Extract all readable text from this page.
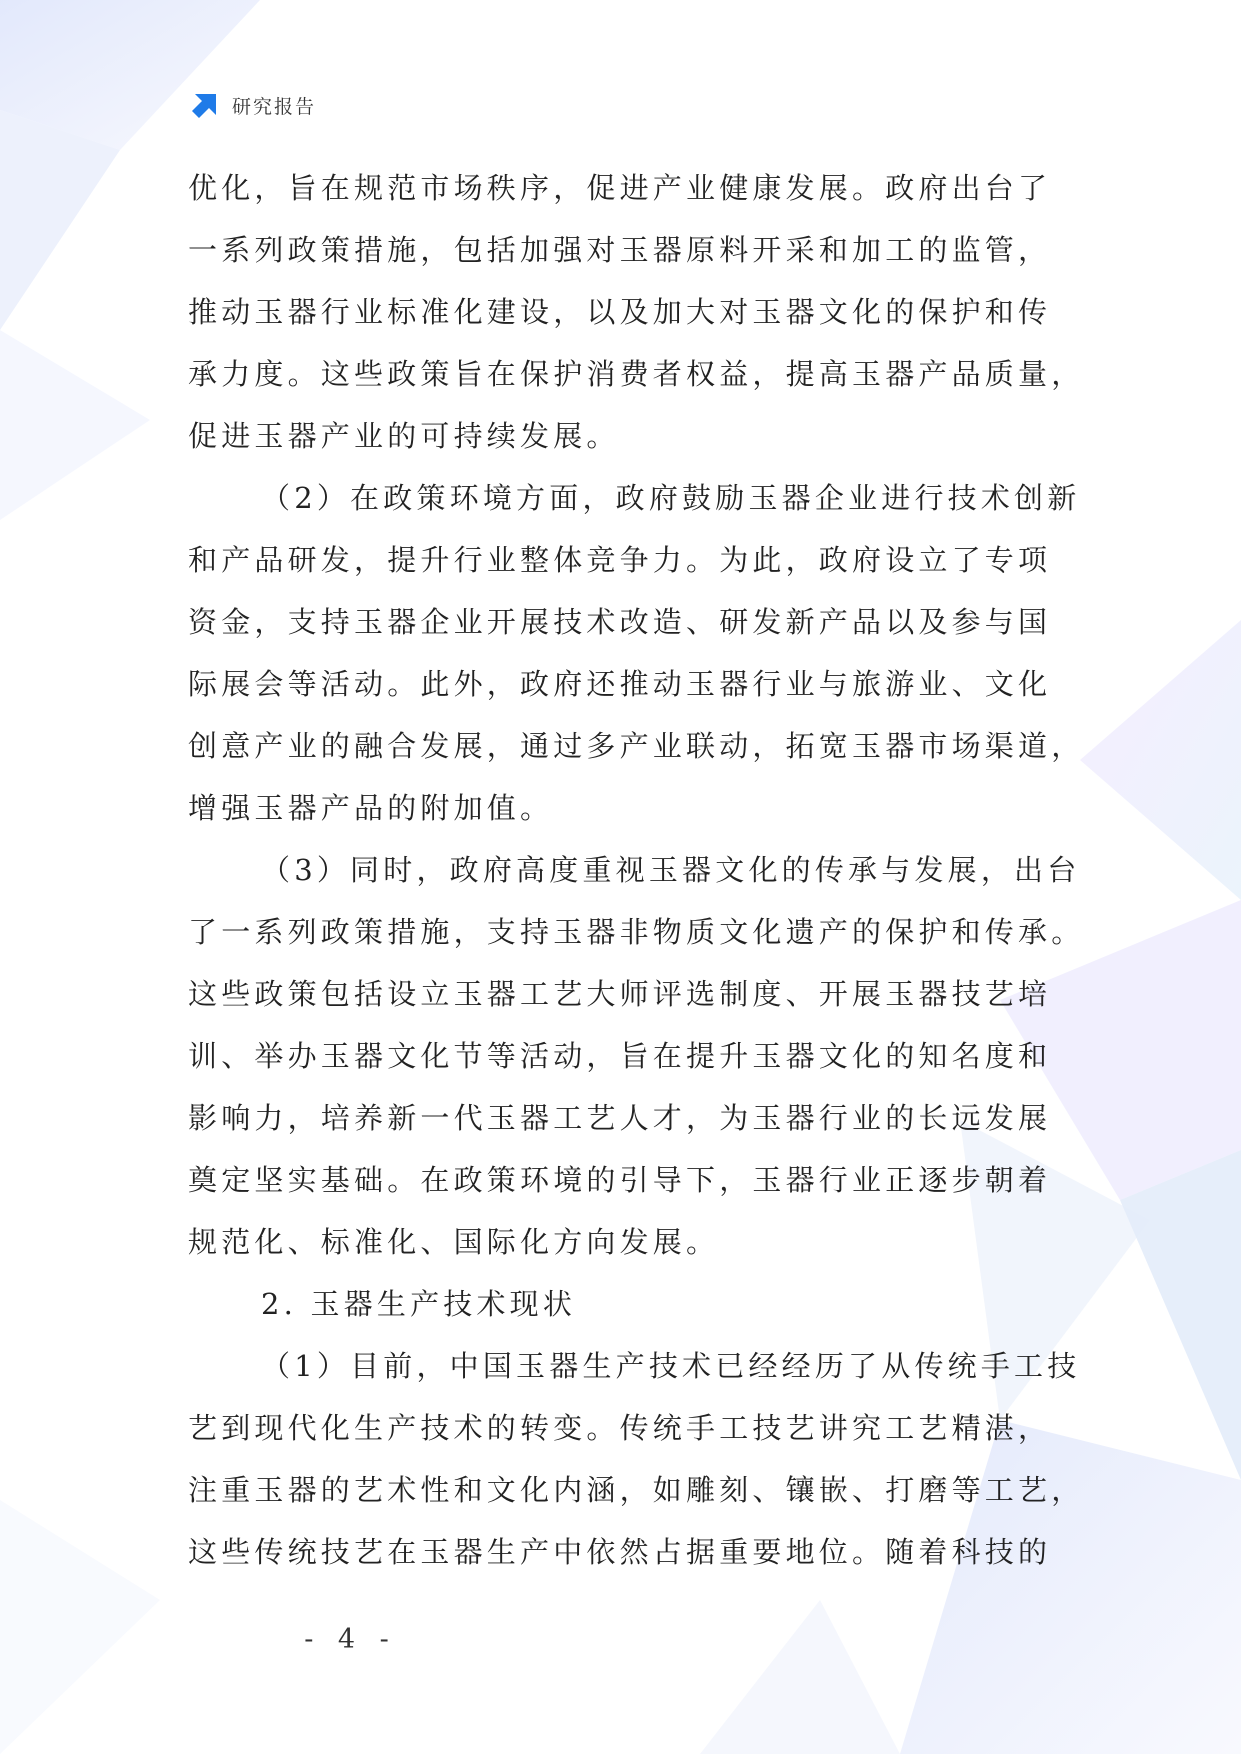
研究报告
优化，旨在规范市场秩序，促进产业健康发展。政府出台了
一系列政策措施，包括加强对玉器原料开采和加工的监管，
推动玉器行业标准化建设，以及加大对玉器文化的保护和传
承力度。这些政策旨在保护消费者权益，提高玉器产品质量，
促进玉器产业的可持续发展。
（2）在政策环境方面，政府鼓励玉器企业进行技术创新
和产品研发，提升行业整体竞争力。为此，政府设立了专项
资金，支持玉器企业开展技术改造、研发新产品以及参与国
际展会等活动。此外，政府还推动玉器行业与旅游业、文化
创意产业的融合发展，通过多产业联动，拓宽玉器市场渠道，
增强玉器产品的附加值。
（3）同时，政府高度重视玉器文化的传承与发展，出台
了一系列政策措施，支持玉器非物质文化遗产的保护和传承。
这些政策包括设立玉器工艺大师评选制度、开展玉器技艺培
训、举办玉器文化节等活动，旨在提升玉器文化的知名度和
影响力，培养新一代玉器工艺人才，为玉器行业的长远发展
奠定坚实基础。在政策环境的引导下，玉器行业正逐步朝着
规范化、标准化、国际化方向发展。
2. 玉器生产技术现状
（1）目前，中国玉器生产技术已经经历了从传统手工技
艺到现代化生产技术的转变。传统手工技艺讲究工艺精湛，
注重玉器的艺术性和文化内涵，如雕刻、镶嵌、打磨等工艺，
这些传统技艺在玉器生产中依然占据重要地位。随着科技的
- 4 -
